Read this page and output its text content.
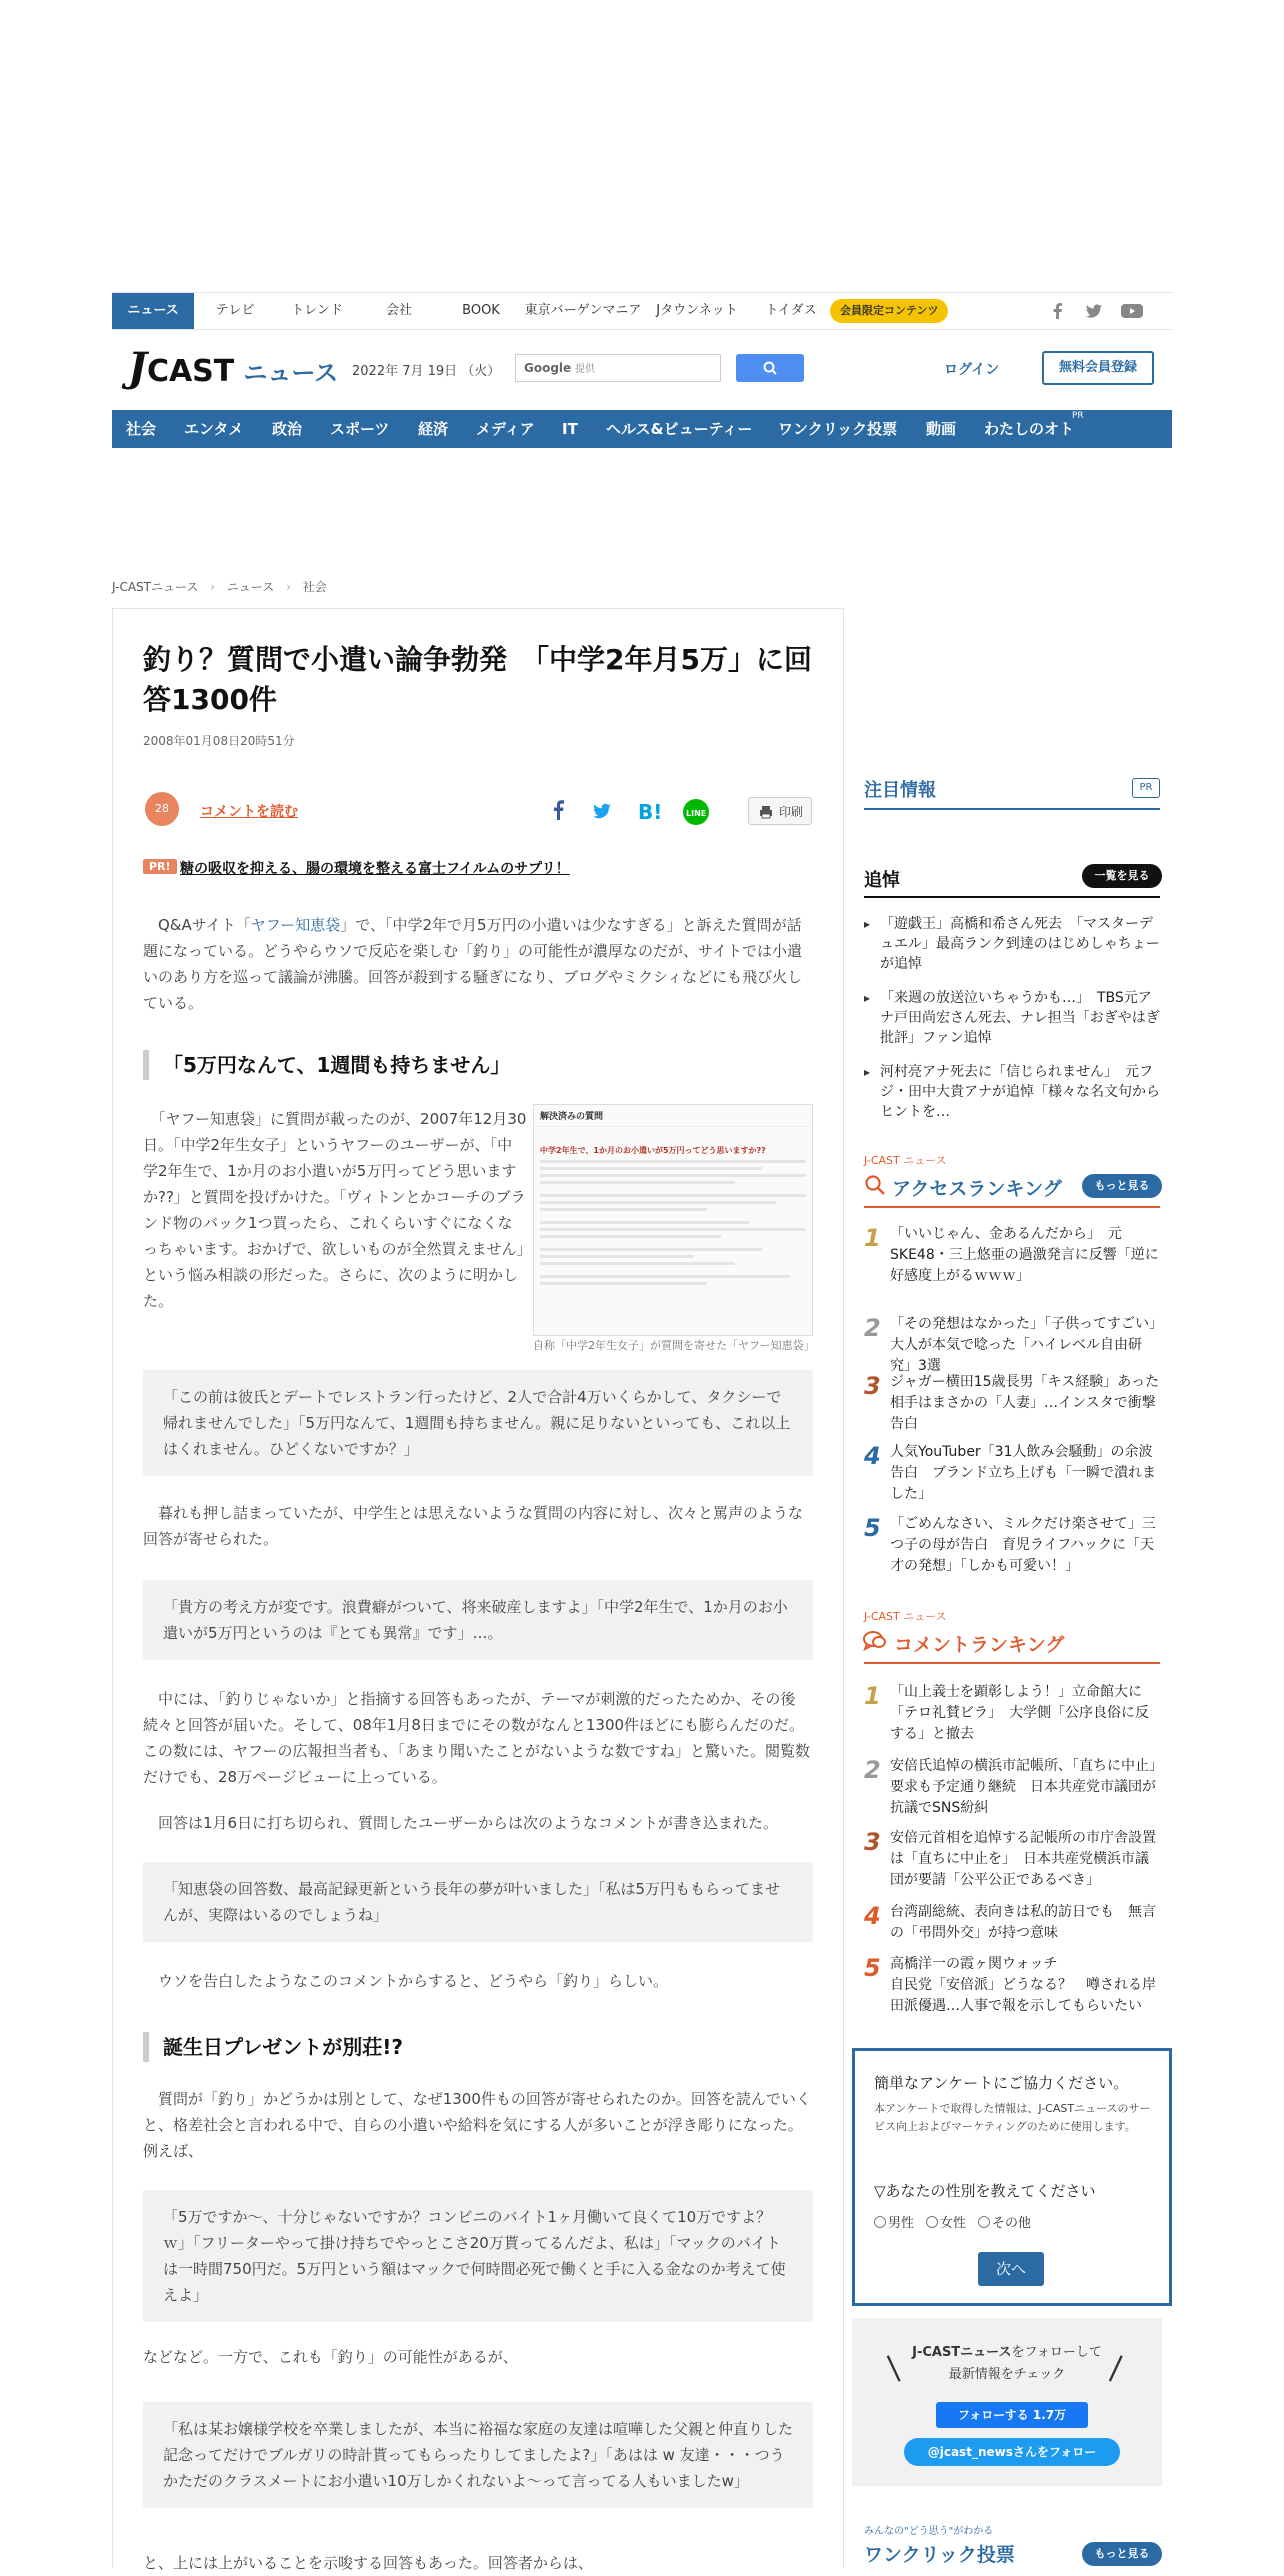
ニュース	テレビ	トレンド	会社	BOOK	東京バーゲンマニア	Jタウンネット	トイダス	会員限定コンテンツ
JCAST ニュース 2022年 7月 19日 （火）	Google 提供	ログイン	無料会員登録
社会 エンタメ 政治 スポーツ 経済 メディア IT ヘルス&ビューティー ワンクリック投票 動画 わたしのオト
PR
J-CASTニュース › ニュース › 社会
釣り？質問で小遣い論争勃発　「中学2年月5万」に回答1300件
2008年01月08日20時51分
28	コメントを読む	B!	LINE	印刷
PR! 糖の吸収を抑える、腸の環境を整える富士フイルムのサプリ！
　Q&Aサイト「ヤフー知恵袋」で、「中学2年で月5万円の小遣いは少なすぎる」と訴えた質問が話題になっている。どうやらウソで反応を楽しむ「釣り」の可能性が濃厚なのだが、サイトでは小遣いのあり方を巡って議論が沸騰。回答が殺到する騒ぎになり、ブログやミクシィなどにも飛び火している。
「5万円なんて、1週間も持ちません」
　「ヤフー知恵袋」に質問が載ったのが、2007年12月30日。「中学2年生女子」というヤフーのユーザーが、「中学2年生で、1か月のお小遣いが5万円ってどう思いますか??」と質問を投げかけた。「ヴィトンとかコーチのブランド物のバック1つ買ったら、これくらいすぐになくなっちゃいます。おかげで、欲しいものが全然買えません」という悩み相談の形だった。さらに、次のように明かした。
解決済みの質問
中学2年生で、1か月のお小遣いが5万円ってどう思いますか??
自称「中学2年生女子」が質問を寄せた「ヤフー知恵袋」
「この前は彼氏とデートでレストラン行ったけど、2人で合計4万いくらかして、タクシーで帰れませんでした」「5万円なんて、1週間も持ちません。親に足りないといっても、これ以上はくれません。ひどくないですか？」
　暮れも押し詰まっていたが、中学生とは思えないような質問の内容に対し、次々と罵声のような回答が寄せられた。
「貴方の考え方が変です。浪費癖がついて、将来破産しますよ」「中学2年生で、1か月のお小遣いが5万円というのは『とても異常』です」…。
　中には、「釣りじゃないか」と指摘する回答もあったが、テーマが刺激的だったためか、その後続々と回答が届いた。そして、08年1月8日までにその数がなんと1300件ほどにも膨らんだのだ。この数には、ヤフーの広報担当者も、「あまり聞いたことがないような数ですね」と驚いた。閲覧数だけでも、28万ページビューに上っている。
　回答は1月6日に打ち切られ、質問したユーザーからは次のようなコメントが書き込まれた。
「知恵袋の回答数、最高記録更新という長年の夢が叶いました」「私は5万円ももらってませんが、実際はいるのでしょうね」
　ウソを告白したようなこのコメントからすると、どうやら「釣り」らしい。
誕生日プレゼントが別荘!?
　質問が「釣り」かどうかは別として、なぜ1300件もの回答が寄せられたのか。回答を読んでいくと、格差社会と言われる中で、自らの小遣いや給料を気にする人が多いことが浮き彫りになった。例えば、
「5万ですか～、十分じゃないですか？コンビニのバイト1ヶ月働いて良くて10万ですよ？ｗ」「フリーターやって掛け持ちでやっとこさ20万貰ってるんだよ、私は」「マックのバイトは一時間750円だ。5万円という額はマックで何時間必死で働くと手に入る金なのか考えて使えよ」
などなど。一方で、これも「釣り」の可能性があるが、
「私は某お嬢様学校を卒業しましたが、本当に裕福な家庭の友達は喧嘩した父親と仲直りした記念ってだけでブルガリの時計貰ってもらったりしてましたよ?」「あはは w 友達・・・つうかただのクラスメートにお小遣い10万しかくれないよ～って言ってる人もいましたw」
と、上には上がいることを示唆する回答もあった。回答者からは、
注目情報	PR
追悼	一覧を見る
▸ 「遊戯王」高橋和希さん死去　「マスターデュエル」最高ランク到達のはじめしゃちょーが追悼
▸ 「来週の放送泣いちゃうかも…」　TBS元アナ戸田尚宏さん死去、ナレ担当「おぎやはぎ批評」ファン追悼
▸ 河村亮アナ死去に「信じられません」　元フジ・田中大貴アナが追悼「様々な名文句からヒントを…
J-CAST ニュース
アクセスランキング	もっと見る
1 「いいじゃん、金あるんだから」　元SKE48・三上悠亜の過激発言に反響「逆に好感度上がるｗｗｗ」
2 「その発想はなかった」「子供ってすごい」　大人が本気で唸った「ハイレベル自由研究」3選
3 ジャガー横田15歳長男「キス経験」あった相手はまさかの「人妻」…インスタで衝撃告白
4 人気YouTuber「31人飲み会騒動」の余波告白　ブランド立ち上げも「一瞬で潰れました」
5 「ごめんなさい、ミルクだけ楽させて」三つ子の母が告白　育児ライフハックに「天才の発想」「しかも可愛い！」
J-CAST ニュース
コメントランキング
1 「山上義士を顕彰しよう！」立命館大に「テロ礼賛ビラ」　大学側「公序良俗に反する」と撤去
2 安倍氏追悼の横浜市記帳所、「直ちに中止」要求も予定通り継続　日本共産党市議団が抗議でSNS紛糾
3 安倍元首相を追悼する記帳所の市庁舎設置は「直ちに中止を」　日本共産党横浜市議団が要請「公平公正であるべき」
4 台湾副総統、表向きは私的訪日でも　無言の「弔問外交」が持つ意味
5 高橋洋一の霞ヶ関ウォッチ
自民党「安倍派」どうなる？　噂される岸田派優遇…人事で報を示してもらいたい
簡単なアンケートにご協力ください。
本アンケートで取得した情報は、J-CASTニュースのサービス向上およびマーケティングのために使用します。
▽あなたの性別を教えてください
男性	女性	その他
次へ
J-CASTニュースをフォローして
最新情報をチェック
|	|
フォローする 1.7万
@jcast_newsさんをフォロー
みんなの"どう思う"がわかる
ワンクリック投票	もっと見る
